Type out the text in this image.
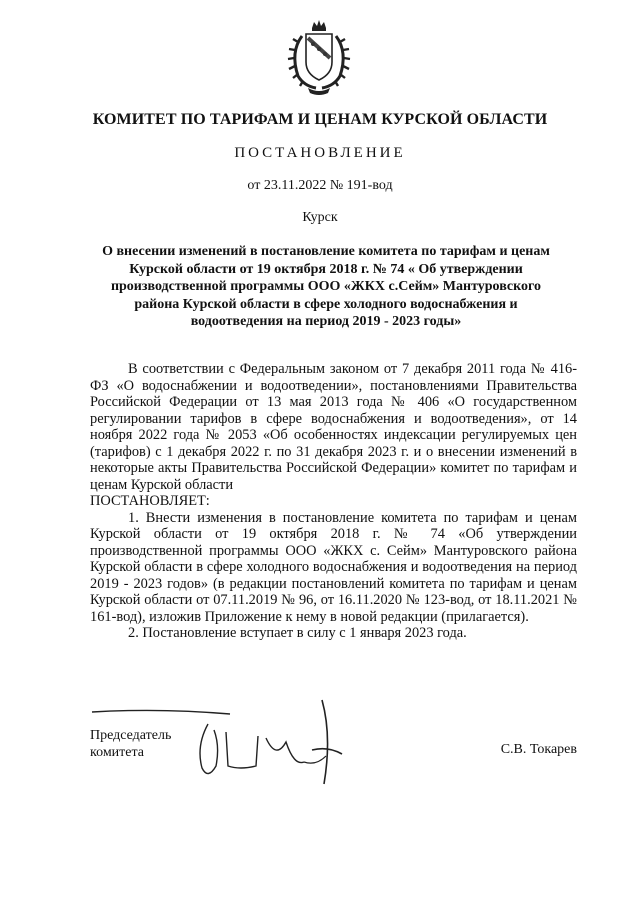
КОМИТЕТ ПО ТАРИФАМ И ЦЕНАМ КУРСКОЙ ОБЛАСТИ
ПОСТАНОВЛЕНИЕ
от 23.11.2022 № 191-вод
Курск
О внесении изменений в постановление комитета по тарифам и ценам Курской области от 19 октября 2018 г. № 74 « Об утверждении производственной программы ООО «ЖКХ с.Сейм» Мантуровского района Курской области в сфере холодного водоснабжения и водоотведения на период 2019 - 2023 годы»

В соответствии с Федеральным законом от 7 декабря 2011 года № 416-ФЗ «О водоснабжении и водоотведении», постановлениями Правительства Российской Федерации от 13 мая 2013 года № 406 «О государственном регулировании тарифов в сфере водоснабжения и водоотведения», от 14 ноября 2022 года № 2053 «Об особенностях индексации регулируемых цен (тарифов) с 1 декабря 2022 г. по 31 декабря 2023 г. и о внесении изменений в некоторые акты Правительства Российской Федерации» комитет по тарифам и ценам Курской области

ПОСТАНОВЛЯЕТ:

1. Внести изменения в постановление комитета по тарифам и ценам Курской области от 19 октября 2018 г. № 74 «Об утверждении производственной программы ООО «ЖКХ с. Сейм» Мантуровского района Курской области в сфере холодного водоснабжения и водоотведения на период 2019 - 2023 годов» (в редакции постановлений комитета по тарифам и ценам Курской области от 07.11.2019 № 96, от 16.11.2020 № 123-вод, от 18.11.2021 № 161-вод), изложив Приложение к нему в новой редакции (прилагается).

2. Постановление вступает в силу с 1 января 2023 года.

Председатель
комитета	С.В. Токарев
